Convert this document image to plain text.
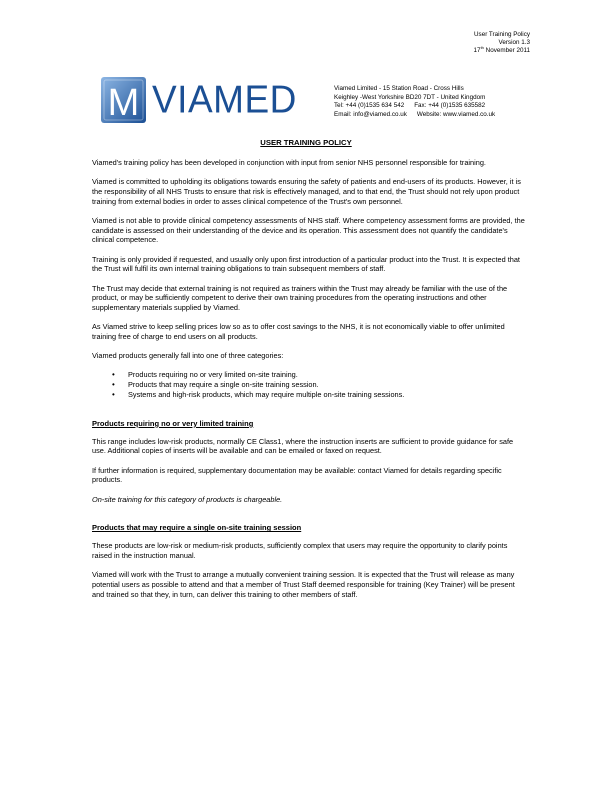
User Training Policy
Version 1.3
17th November 2011
M VIAMED	Viamed Limited - 15 Station Road - Cross Hills
Keighley -West Yorkshire BD20 7DT - United Kingdom
Tel: +44 (0)1535 634 542 Fax: +44 (0)1535 635582
Email: info@viamed.co.uk Website: www.viamed.co.uk
USER TRAINING POLICY

Viamed's training policy has been developed in conjunction with input from senior NHS personnel responsible for training.

Viamed is committed to upholding its obligations towards ensuring the safety of patients and end-users of its products. However, it is the responsibility of all NHS Trusts to ensure that risk is effectively managed, and to that end, the Trust should not rely upon product training from external bodies in order to asses clinical competence of the Trust's own personnel.

Viamed is not able to provide clinical competency assessments of NHS staff. Where competency assessment forms are provided, the candidate is assessed on their understanding of the device and its operation. This assessment does not quantify the candidate's clinical competence.

Training is only provided if requested, and usually only upon first introduction of a particular product into the Trust. It is expected that the Trust will fulfil its own internal training obligations to train subsequent members of staff.

The Trust may decide that external training is not required as trainers within the Trust may already be familiar with the use of the product, or may be sufficiently competent to derive their own training procedures from the operating instructions and other supplementary materials supplied by Viamed.

As Viamed strive to keep selling prices low so as to offer cost savings to the NHS, it is not economically viable to offer unlimited training free of charge to end users on all products.

Viamed products generally fall into one of three categories:

• Products requiring no or very limited on-site training.
• Products that may require a single on-site training session.
• Systems and high-risk products, which may require multiple on-site training sessions.
Products requiring no or very limited training

This range includes low-risk products, normally CE Class1, where the instruction inserts are sufficient to provide guidance for safe use. Additional copies of inserts will be available and can be emailed or faxed on request.

If further information is required, supplementary documentation may be available: contact Viamed for details regarding specific products.

On-site training for this category of products is chargeable.

Products that may require a single on-site training session

These products are low-risk or medium-risk products, sufficiently complex that users may require the opportunity to clarify points raised in the instruction manual.

Viamed will work with the Trust to arrange a mutually convenient training session. It is expected that the Trust will release as many potential users as possible to attend and that a member of Trust Staff deemed responsible for training (Key Trainer) will be present and trained so that they, in turn, can deliver this training to other members of staff.
